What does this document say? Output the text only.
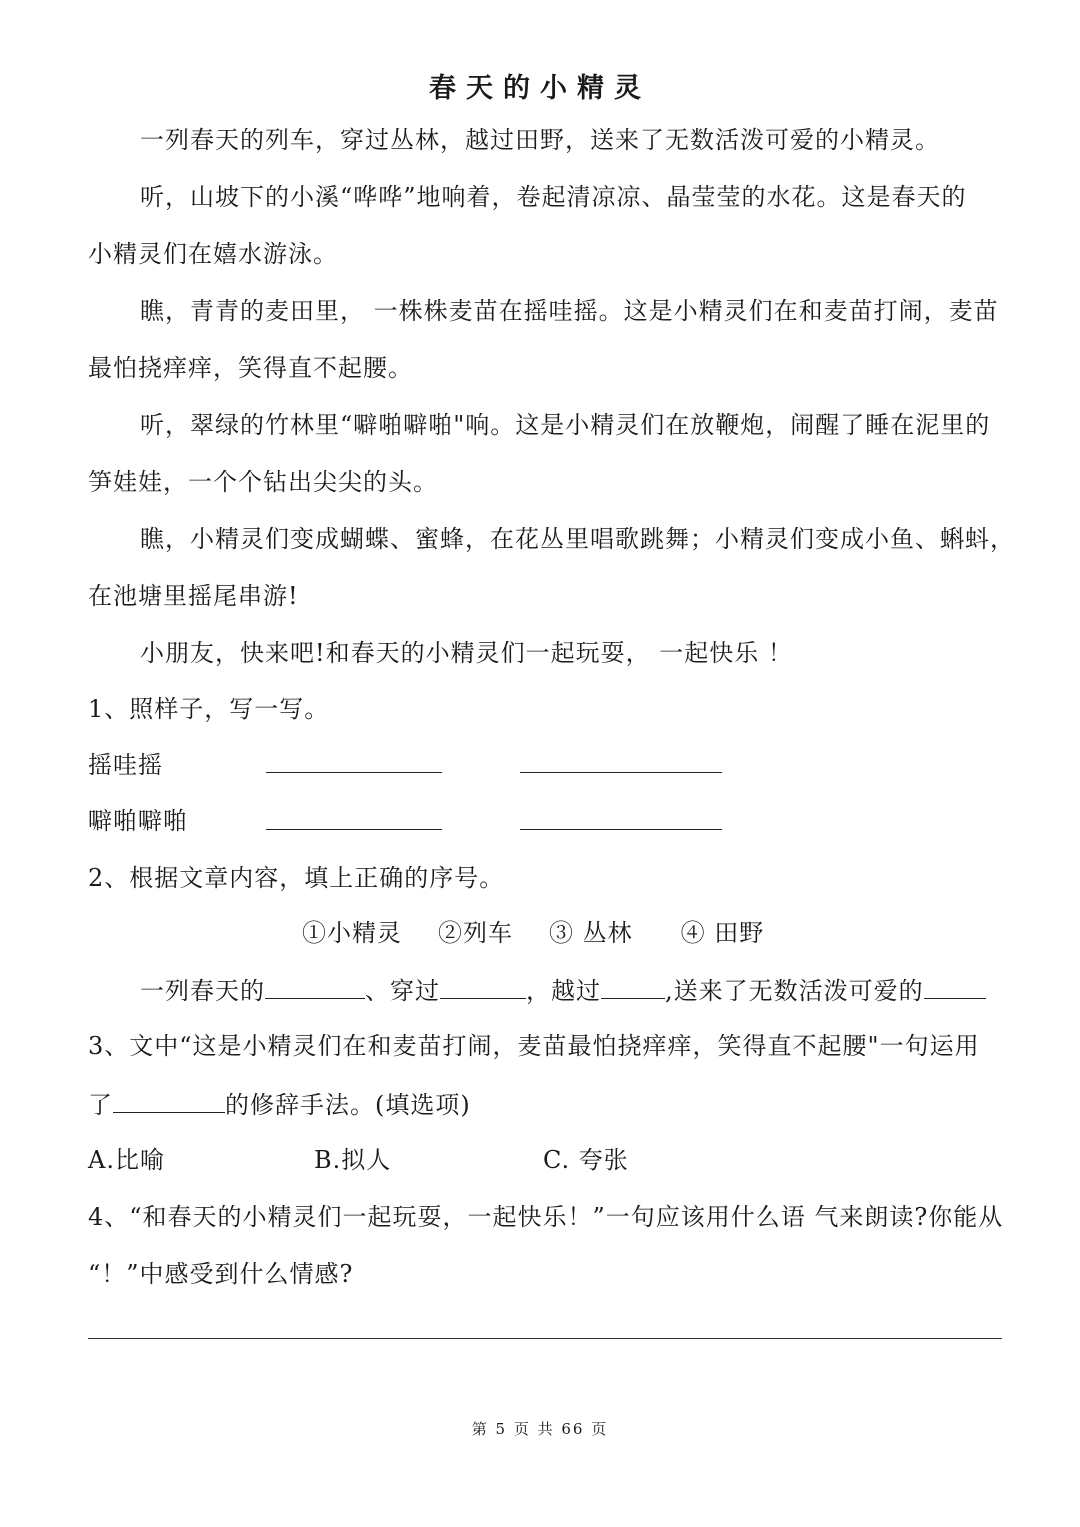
春天的小精灵
一列春天的列车，穿过丛林，越过田野，送来了无数活泼可爱的小精灵。
听，山坡下的小溪“哗哗”地响着，卷起清凉凉、晶莹莹的水花。这是春天的
小精灵们在嬉水游泳。
瞧，青青的麦田里， 一株株麦苗在摇哇摇。这是小精灵们在和麦苗打闹，麦苗
最怕挠痒痒，笑得直不起腰。
听，翠绿的竹林里“噼啪噼啪"响。这是小精灵们在放鞭炮，闹醒了睡在泥里的
笋娃娃，一个个钻出尖尖的头。
瞧，小精灵们变成蝴蝶、蜜蜂，在花丛里唱歌跳舞；小精灵们变成小鱼、蝌蚪，
在池塘里摇尾串游!
小朋友，快来吧!和春天的小精灵们一起玩耍， 一起快乐 ！
1、照样子，写一写。
摇哇摇
噼啪噼啪
2、根据文章内容，填上正确的序号。
①小精灵 ②列车 ③ 丛林 ④ 田野
一列春天的	、穿过	，越过	,送来了无数活泼可爱的
3、文中“这是小精灵们在和麦苗打闹，麦苗最怕挠痒痒，笑得直不起腰"一句运用
了	的修辞手法。(填选项)
A.比喻	B.拟人	C. 夸张
4、“和春天的小精灵们一起玩耍，一起快乐！”一句应该用什么语 气来朗读?你能从
“！”中感受到什么情感?
第 5 页 共 66 页
